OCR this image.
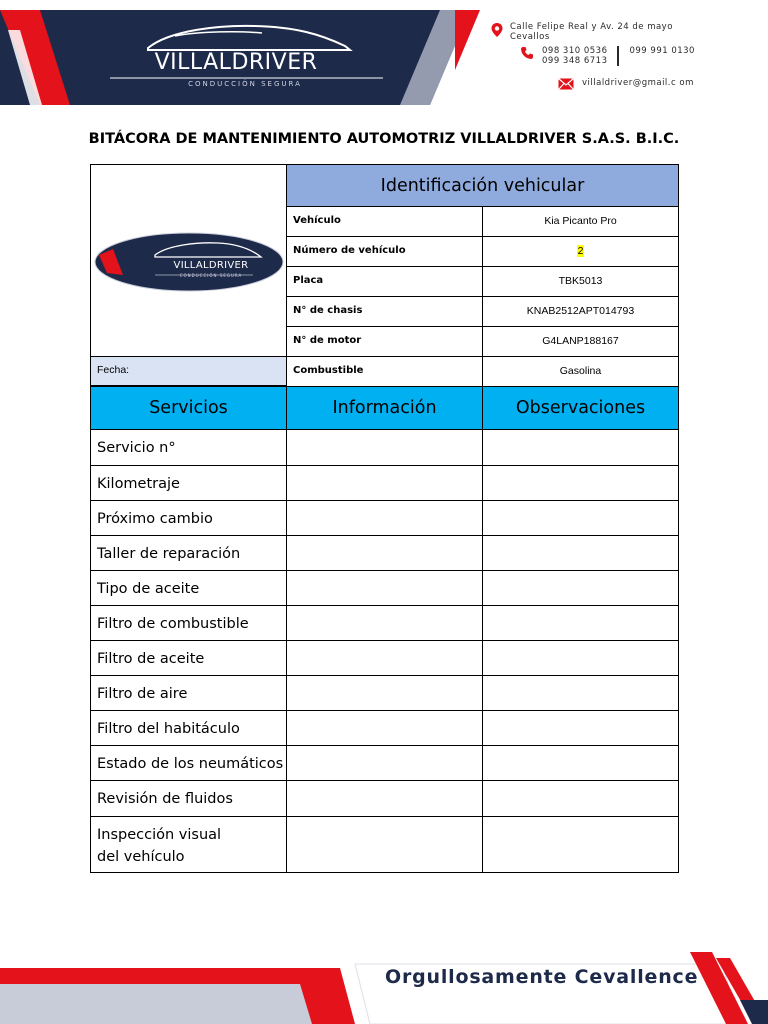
VILLALDRIVER
CONDUCCIÓN SEGURA
Calle Felipe Real y Av. 24 de mayo
Cevallos
098 310 0536
099 348 6713
099 991 0130
villaldriver@gmail.c om
BITÁCORA DE MANTENIMIENTO AUTOMOTRIZ VILLALDRIVER S.A.S. B.I.C.
VILLALDRIVER
CONDUCCIÓN SEGURA
Fecha:
Identificación vehicular
Vehículo	Kia Picanto Pro
Número de vehículo	2
Placa	TBK5013
N° de chasis	KNAB2512APT014793
N° de motor	G4LANP188167
Combustible	Gasolina
Servicios	Información	Observaciones
Servicio n°
Kilometraje
Próximo cambio
Taller de reparación
Tipo de aceite
Filtro de combustible
Filtro de aceite
Filtro de aire
Filtro del habitáculo
Estado de los neumáticos
Revisión de fluidos
Inspección visual del vehículo
Orgullosamente Cevallence
